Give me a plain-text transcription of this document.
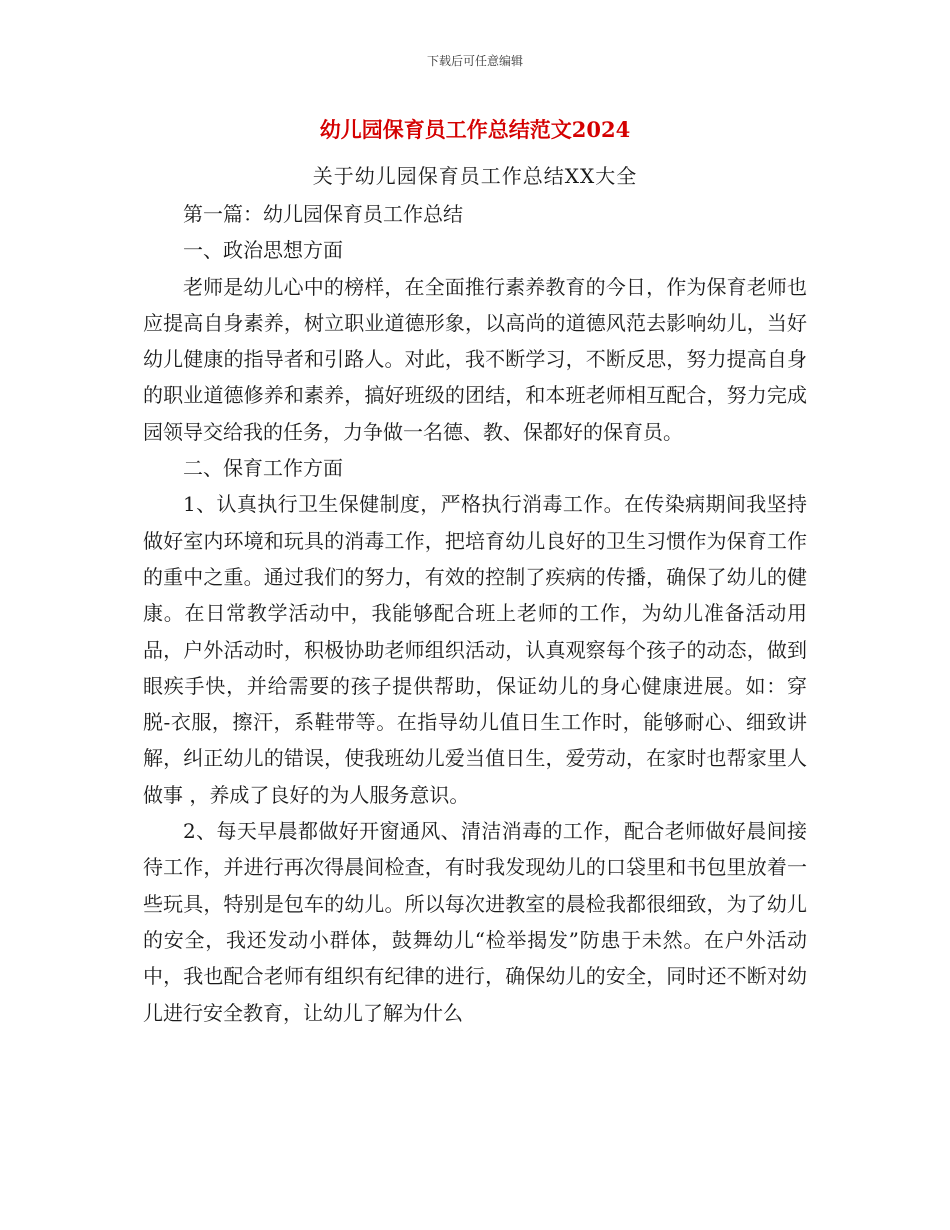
下载后可任意编辑
幼儿园保育员工作总结范文2024
关于幼儿园保育员工作总结XX大全

第一篇：幼儿园保育员工作总结

一、政治思想方面

老师是幼儿心中的榜样，在全面推行素养教育的今日，作为保育老师也应提高自身素养，树立职业道德形象，以高尚的道德风范去影响幼儿，当好幼儿健康的指导者和引路人。对此，我不断学习，不断反思，努力提高自身的职业道德修养和素养，搞好班级的团结，和本班老师相互配合，努力完成园领导交给我的任务，力争做一名德、教、保都好的保育员。

二、保育工作方面

1、认真执行卫生保健制度，严格执行消毒工作。在传染病期间我坚持做好室内环境和玩具的消毒工作，把培育幼儿良好的卫生习惯作为保育工作的重中之重。通过我们的努力，有效的控制了疾病的传播，确保了幼儿的健康。在日常教学活动中，我能够配合班上老师的工作，为幼儿准备活动用品，户外活动时，积极协助老师组织活动，认真观察每个孩子的动态，做到眼疾手快，并给需要的孩子提供帮助，保证幼儿的身心健康进展。如：穿脱-衣服，擦汗，系鞋带等。在指导幼儿值日生工作时，能够耐心、细致讲解，纠正幼儿的错误，使我班幼儿爱当值日生，爱劳动，在家时也帮家里人做事 ，养成了良好的为人服务意识。

2、每天早晨都做好开窗通风、清洁消毒的工作，配合老师做好晨间接待工作，并进行再次得晨间检查，有时我发现幼儿的口袋里和书包里放着一些玩具，特别是包车的幼儿。所以每次进教室的晨检我都很细致，为了幼儿的安全，我还发动小群体，鼓舞幼儿“检举揭发”防患于未然。在户外活动中，我也配合老师有组织有纪律的进行，确保幼儿的安全，同时还不断对幼儿进行安全教育，让幼儿了解为什么
